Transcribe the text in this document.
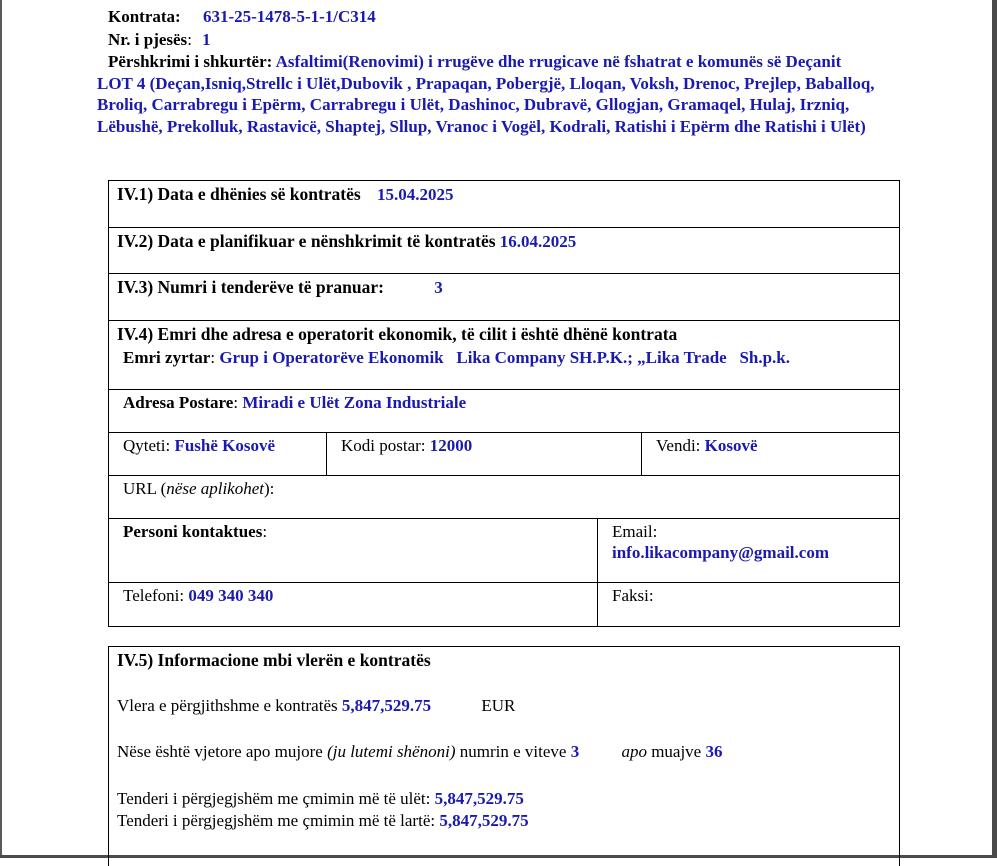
Kontrata: 631-25-1478-5-1-1/C314
Nr. i pjesës: 1
Përshkrimi i shkurtër: Asfaltimi(Renovimi) i rrugëve dhe rrugicave në fshatrat e komunës së Deçanit LOT 4 (Deçan,Isniq,Strellc i Ulët,Dubovik , Prapaqan, Pobergjë, Lloqan, Voksh, Drenoc, Prejlep, Baballoq, Broliq, Carrabregu i Epërm, Carrabregu i Ulët, Dashinoc, Dubravë, Gllogjan, Gramaqel, Hulaj, Irzniq, Lëbushë, Prekolluk, Rastavicë, Shaptej, Sllup, Vranoc i Vogël, Kodrali, Ratishi i Epërm dhe Ratishi i Ulët)
IV.1) Data e dhënies së kontratës 15.04.2025
IV.2) Data e planifikuar e nënshkrimit të kontratës 16.04.2025
IV.3) Numri i tenderëve të pranuar:	3
IV.4) Emri dhe adresa e operatorit ekonomik, të cilit i është dhënë kontrata
Emri zyrtar: Grup i Operatorëve Ekonomik   Lika Company SH.P.K.; „Lika Trade   Sh.p.k.
Adresa Postare: Miradi e Ulët Zona Industriale
Qyteti: Fushë Kosovë	Kodi postar: 12000	Vendi: Kosovë
URL (nëse aplikohet):
Personi kontaktues:	Email:
info.likacompany@gmail.com
Telefoni: 049 340 340	Faksi:
IV.5) Informacione mbi vlerën e kontratës
Vlera e përgjithshme e kontratës 5,847,529.75	EUR
Nëse është vjetore apo mujore (ju lutemi shënoni) numrin e viteve 3 apo muajve 36
Tenderi i përgjegjshëm me çmimin më të ulët: 5,847,529.75
Tenderi i përgjegjshëm me çmimin më të lartë: 5,847,529.75
